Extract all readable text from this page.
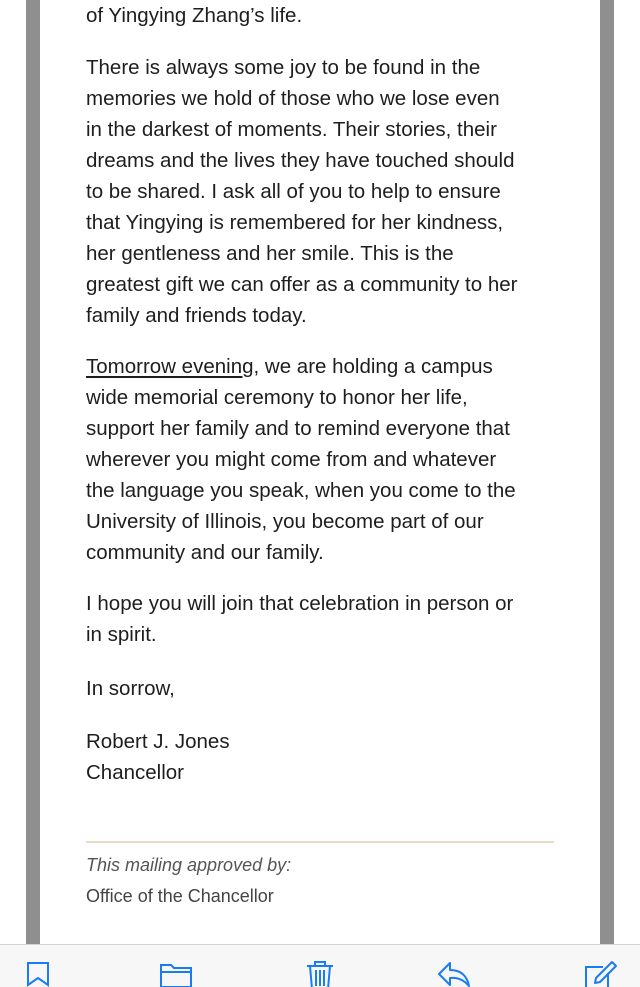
of Yingying Zhang’s life.

There is always some joy to be found in the
memories we hold of those who we lose even
in the darkest of moments. Their stories, their
dreams and the lives they have touched should
to be shared. I ask all of you to help to ensure
that Yingying is remembered for her kindness,
her gentleness and her smile. This is the
greatest gift we can offer as a community to her
family and friends today.

Tomorrow evening, we are holding a campus
wide memorial ceremony to honor her life,
support her family and to remind everyone that
wherever you might come from and whatever
the language you speak, when you come to the
University of Illinois, you become part of our
community and our family.

I hope you will join that celebration in person or
in spirit.

In sorrow,

Robert J. Jones
Chancellor

This mailing approved by:
Office of the Chancellor
